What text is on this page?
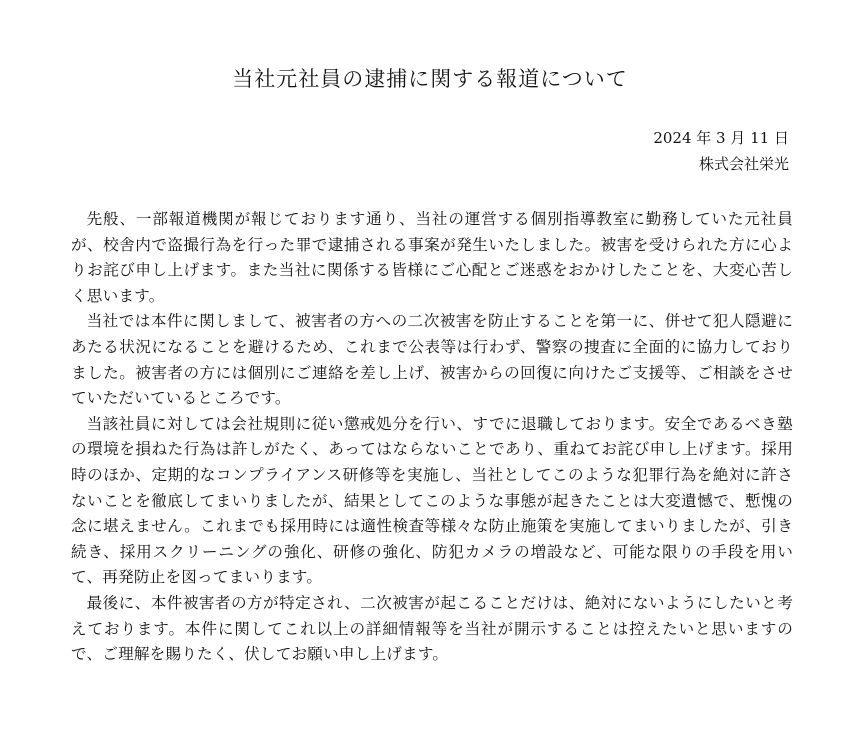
当社元社員の逮捕に関する報道について
2024 年 3 月 11 日
株式会社栄光

先般、一部報道機関が報じております通り、当社の運営する個別指導教室に勤務していた元社員が、校舎内で盗撮行為を行った罪で逮捕される事案が発生いたしました。被害を受けられた方に心よりお詫び申し上げます。また当社に関係する皆様にご心配とご迷惑をおかけしたことを、大変心苦しく思います。

当社では本件に関しまして、被害者の方への二次被害を防止することを第一に、併せて犯人隠避にあたる状況になることを避けるため、これまで公表等は行わず、警察の捜査に全面的に協力しておりました。被害者の方には個別にご連絡を差し上げ、被害からの回復に向けたご支援等、ご相談をさせていただいているところです。

当該社員に対しては会社規則に従い懲戒処分を行い、すでに退職しております。安全であるべき塾の環境を損ねた行為は許しがたく、あってはならないことであり、重ねてお詫び申し上げます。採用時のほか、定期的なコンプライアンス研修等を実施し、当社としてこのような犯罪行為を絶対に許さないことを徹底してまいりましたが、結果としてこのような事態が起きたことは大変遺憾で、慙愧の念に堪えません。これまでも採用時には適性検査等様々な防止施策を実施してまいりましたが、引き続き、採用スクリーニングの強化、研修の強化、防犯カメラの増設など、可能な限りの手段を用いて、再発防止を図ってまいります。

最後に、本件被害者の方が特定され、二次被害が起こることだけは、絶対にないようにしたいと考えております。本件に関してこれ以上の詳細情報等を当社が開示することは控えたいと思いますので、ご理解を賜りたく、伏してお願い申し上げます。
